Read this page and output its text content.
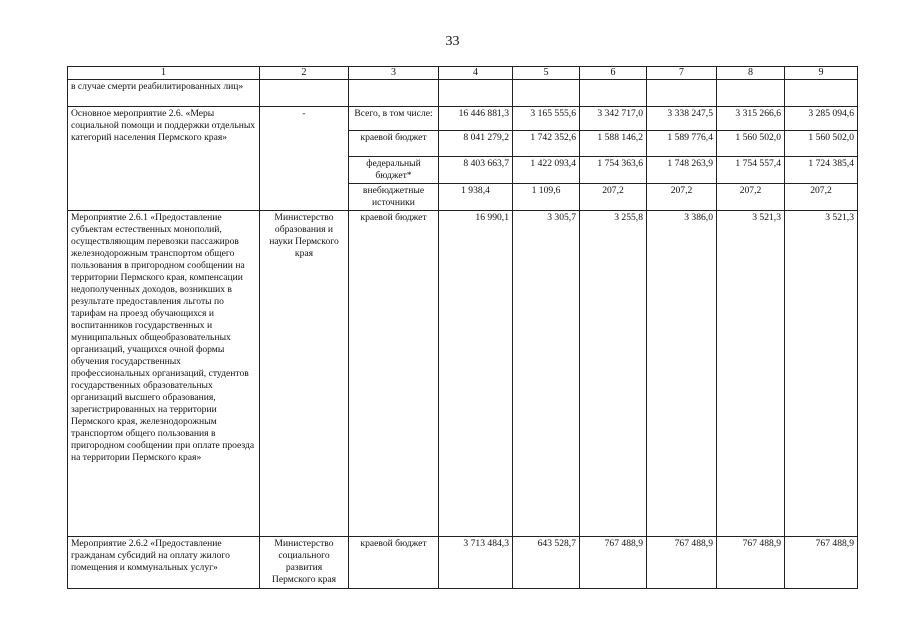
33
1	2	3	4	5	6	7	8	9
в случае смерти реабилитированных лиц»								
Основное мероприятие 2.6. «Меры социальной помощи и поддержки отдельных категорий населения Пермского края»	-	Всего, в том числе:	16 446 881,3	3 165 555,6	3 342 717,0	3 338 247,5	3 315 266,6	3 285 094,6
		краевой бюджет	8 041 279,2	1 742 352,6	1 588 146,2	1 589 776,4	1 560 502,0	1 560 502,0
		федеральный бюджет*	8 403 663,7	1 422 093,4	1 754 363,6	1 748 263,9	1 754 557,4	1 724 385,4
		внебюджетные источники	1 938,4	1 109,6	207,2	207,2	207,2	207,2
Мероприятие 2.6.1 «Предоставление субъектам естественных монополий, осуществляющим перевозки пассажиров железнодорожным транспортом общего пользования в пригородном сообщении на территории Пермского края, компенсации недополученных доходов, возникших в результате предоставления льготы по тарифам на проезд обучающихся и воспитанников государственных и муниципальных общеобразовательных организаций, учащихся очной формы обучения государственных профессиональных организаций, студентов государственных образовательных организаций высшего образования, зарегистрированных на территории Пермского края, железнодорожным транспортом общего пользования в пригородном сообщении при оплате проезда на территории Пермского края»	Министерство образования и науки Пермского края	краевой бюджет	16 990,1	3 305,7	3 255,8	3 386,0	3 521,3	3 521,3
Мероприятие 2.6.2 «Предоставление гражданам субсидий на оплату жилого помещения и коммунальных услуг»	Министерство социального развития Пермского края	краевой бюджет	3 713 484,3	643 528,7	767 488,9	767 488,9	767 488,9	767 488,9
